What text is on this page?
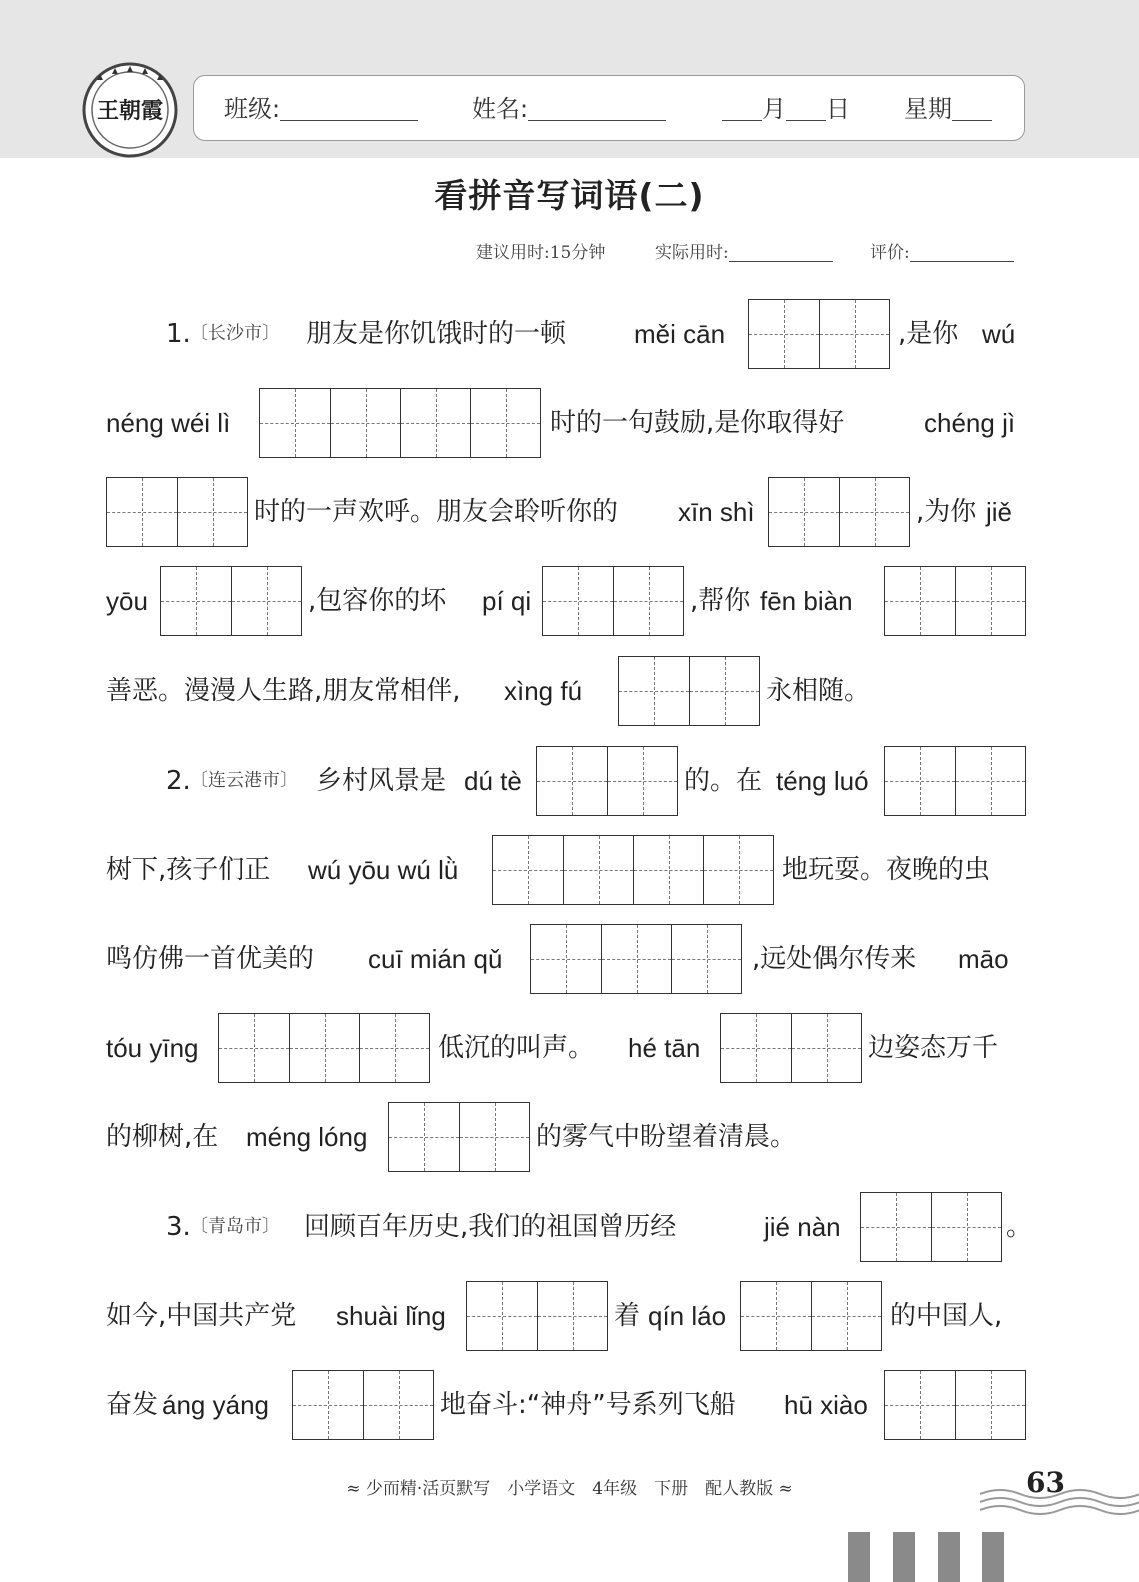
王朝霞	班级:	姓名:	月 日 星期
看拼音写词语(二)
建议用时:15分钟	实际用时:	评价:
1. 〔长沙市〕 朋友是你饥饿时的一顿	měi cān	,是你 wú
néng wéi lì	时的一句鼓励,是你取得好	chéng jì
时的一声欢呼。朋友会聆听你的 xīn shì	,为你 jiě
yōu	,包容你的坏 pí qi	,帮你 fēn biàn
善恶。漫漫人生路,朋友常相伴, xìng fú	永相随。
2. 〔连云港市〕 乡村风景是 dú tè	的。在 téng luó
树下,孩子们正 wú yōu wú lǜ	地玩耍。夜晚的虫
鸣仿佛一首优美的 cuī mián qǔ	,远处偶尔传来 māo
tóu yīng	低沉的叫声。 hé tān	边姿态万千
的柳树,在 méng lóng	的雾气中盼望着清晨。
3. 〔青岛市〕 回顾百年历史,我们的祖国曾历经	jié nàn	。
如今,中国共产党 shuài lǐng	着 qín láo	的中国人,
奋发 áng yáng	地奋斗:“神舟”号系列飞船 hū xiào
≈ 少而精·活页默写　小学语文　4年级　下册　配人教版 ≈	63
